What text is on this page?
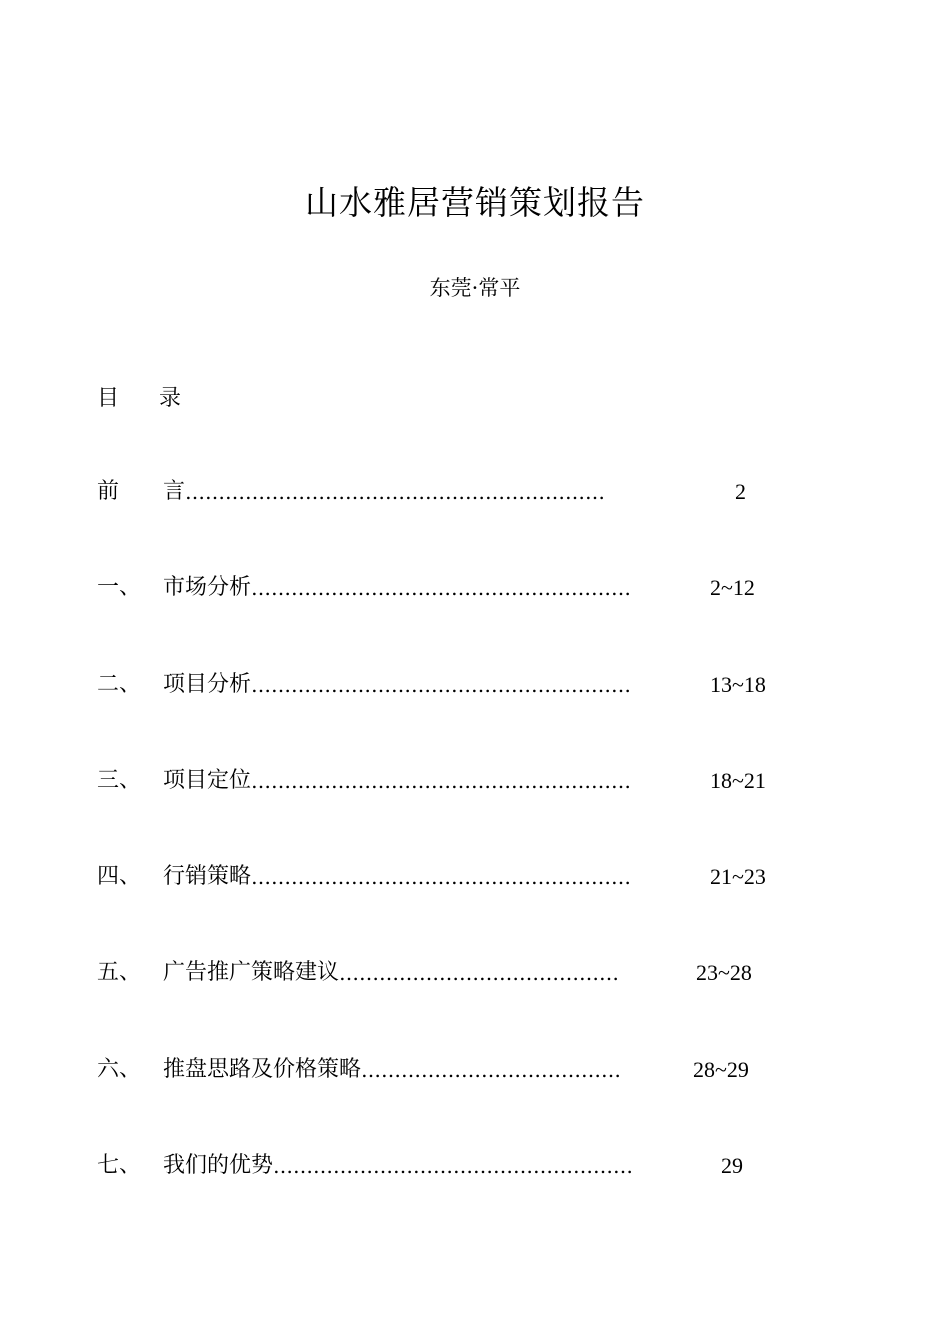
山水雅居营销策划报告
东莞·常平
目 录
前 言………………………………………………………	2
一、 市场分析…………………………………………………	2~12
二、 项目分析…………………………………………………	13~18
三、 项目定位…………………………………………………	18~21
四、 行销策略…………………………………………………	21~23
五、 广告推广策略建议……………………………………	23~28
六、 推盘思路及价格策略…………………………………	28~29
七、 我们的优势………………………………………………	29
